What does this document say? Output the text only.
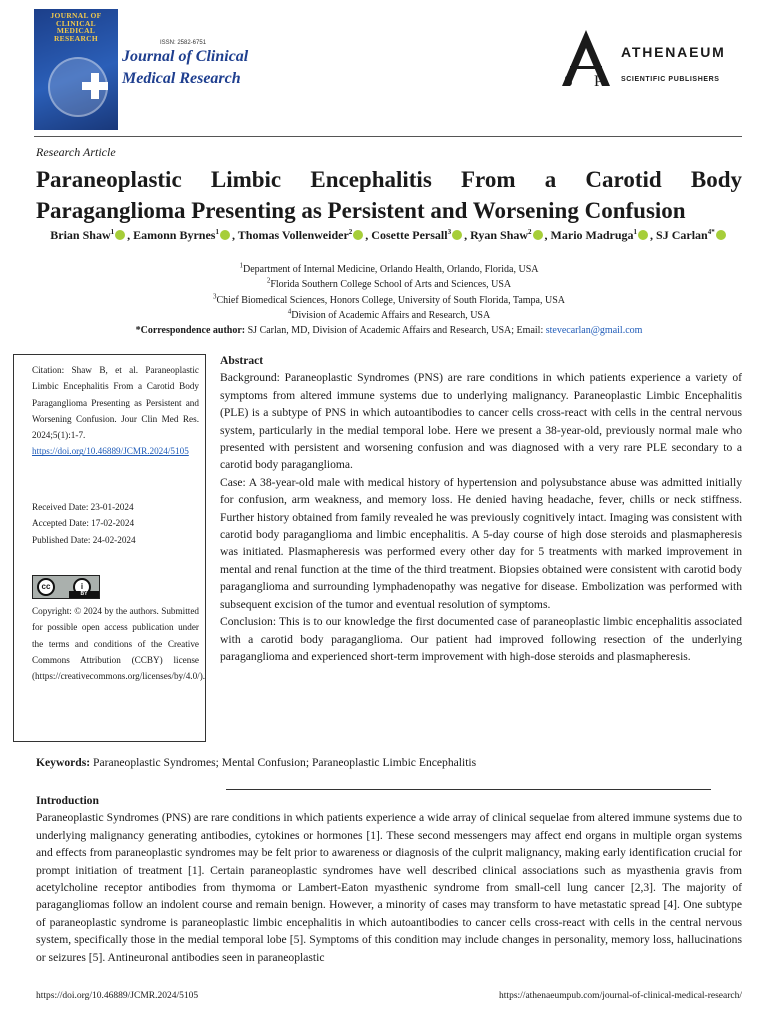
JOURNAL OF CLINICAL MEDICAL RESEARCH
ISSN: 2582-6751
Journal of Clinical
Medical Research	S P
ATHENAEUM
SCIENTIFIC PUBLISHERS
Research Article
Paraneoplastic Limbic Encephalitis From a Carotid Body
Paraganglioma Presenting as Persistent and Worsening Confusion
Brian Shaw$^1$ , Eamonn Byrnes$^1$ , Thomas Vollenweider$^2$ , Cosette Persall$^3$ , Ryan Shaw$^2$ , Mario Madruga$^1$ , SJ Carlan$^{4*}$
$^1$Department of Internal Medicine, Orlando Health, Orlando, Florida, USA
$^2$Florida Southern College School of Arts and Sciences, USA
$^3$Chief Biomedical Sciences, Honors College, University of South Florida, Tampa, USA
$^4$Division of Academic Affairs and Research, USA
*Correspondence author: SJ Carlan, MD, Division of Academic Affairs and Research, USA; Email: stevecarlan@gmail.com
Citation: Shaw B, et al. Paraneoplastic Limbic Encephalitis From a Carotid Body Paraganglioma Presenting as Persistent and Worsening Confusion. Jour Clin Med Res. 2024;5(1):1-7.
https://doi.org/10.46889/JCMR.2024/5105
Received Date: 23-01-2024
Accepted Date: 17-02-2024
Published Date: 24-02-2024
cc	i
BY
Copyright: © 2024 by the authors. Submitted for possible open access publication under the terms and conditions of the Creative Commons Attribution (CCBY) license (https://creativecommons.org/licenses/by/4.0/).
Abstract

Background: Paraneoplastic Syndromes (PNS) are rare conditions in which patients experience a variety of symptoms from altered immune systems due to underlying malignancy. Paraneoplastic Limbic Encephalitis (PLE) is a subtype of PNS in which autoantibodies to cancer cells cross-react with cells in the central nervous system, particularly in the medial temporal lobe. Here we present a 38-year-old, previously normal male who presented with persistent and worsening confusion and was diagnosed with a very rare PLE secondary to a carotid body paraganglioma.

Case: A 38-year-old male with medical history of hypertension and polysubstance abuse was admitted initially for confusion, arm weakness, and memory loss. He denied having headache, fever, chills or neck stiffness. Further history obtained from family revealed he was previously cognitively intact. Imaging was consistent with carotid body paraganglioma and limbic encephalitis. A 5-day course of high dose steroids and plasmapheresis was initiated. Plasmapheresis was performed every other day for 5 treatments with marked improvement in mental and renal function at the time of the third treatment. Biopsies obtained were consistent with carotid body paraganglioma and surrounding lymphadenopathy was negative for disease. Embolization was performed with subsequent excision of the tumor and eventual resolution of symptoms.

Conclusion: This is to our knowledge the first documented case of paraneoplastic limbic encephalitis associated with a carotid body paraganglioma. Our patient had improved following resection of the underlying paraganglioma and experienced short-term improvement with high-dose steroids and plasmapheresis.

Keywords: Paraneoplastic Syndromes; Mental Confusion; Paraneoplastic Limbic Encephalitis
Introduction

Paraneoplastic Syndromes (PNS) are rare conditions in which patients experience a wide array of clinical sequelae from altered immune systems due to underlying malignancy generating antibodies, cytokines or hormones [1]. These second messengers may affect end organs in multiple organ systems and effects from paraneoplastic syndromes may be felt prior to awareness or diagnosis of the culprit malignancy, making early identification crucial for prompt initiation of treatment [1]. Certain paraneoplastic syndromes have well described clinical associations such as myasthenia gravis from acetylcholine receptor antibodies from thymoma or Lambert-Eaton myasthenic syndrome from small-cell lung cancer [2,3]. The majority of paragangliomas follow an indolent course and remain benign. However, a minority of cases may transform to have metastatic spread [4]. One subtype of paraneoplastic syndrome is paraneoplastic limbic encephalitis in which autoantibodies to cancer cells cross-react with cells in the central nervous system, specifically those in the medial temporal lobe [5]. Symptoms of this condition may include changes in personality, memory loss, hallucinations or seizures [5]. Antineuronal antibodies seen in paraneoplastic

https://doi.org/10.46889/JCMR.2024/5105	https://athenaeumpub.com/journal-of-clinical-medical-research/
